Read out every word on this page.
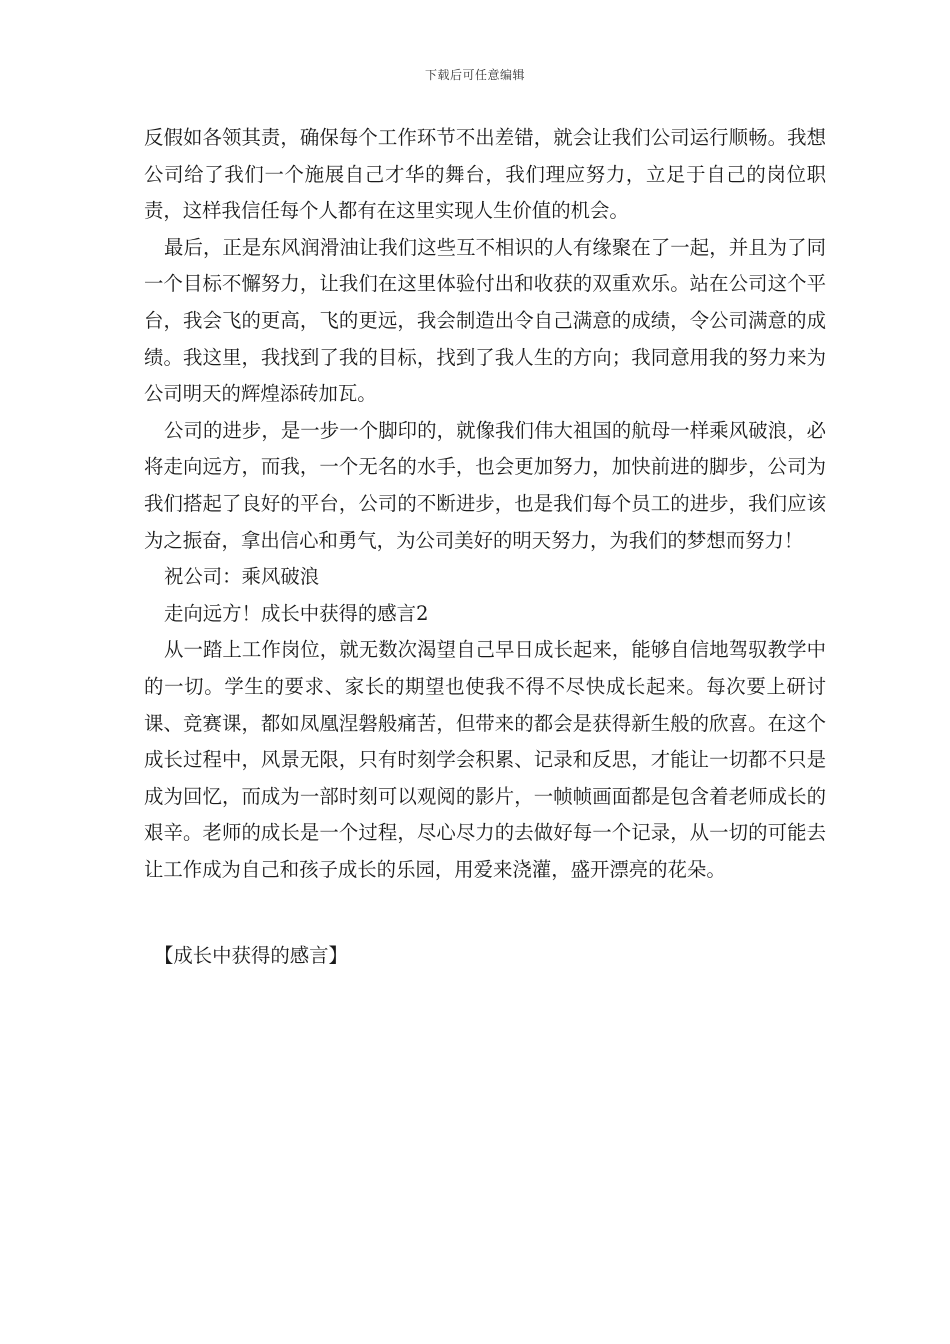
下载后可任意编辑

反假如各领其责，确保每个工作环节不出差错，就会让我们公司运行顺畅。我想公司给了我们一个施展自己才华的舞台，我们理应努力，立足于自己的岗位职责，这样我信任每个人都有在这里实现人生价值的机会。

最后，正是东风润滑油让我们这些互不相识的人有缘聚在了一起，并且为了同一个目标不懈努力，让我们在这里体验付出和收获的双重欢乐。站在公司这个平台，我会飞的更高，飞的更远，我会制造出令自己满意的成绩，令公司满意的成绩。我这里，我找到了我的目标，找到了我人生的方向；我同意用我的努力来为公司明天的辉煌添砖加瓦。

公司的进步，是一步一个脚印的，就像我们伟大祖国的航母一样乘风破浪，必将走向远方，而我，一个无名的水手，也会更加努力，加快前进的脚步，公司为我们搭起了良好的平台，公司的不断进步，也是我们每个员工的进步，我们应该为之振奋，拿出信心和勇气，为公司美好的明天努力，为我们的梦想而努力！

祝公司：乘风破浪

走向远方！成长中获得的感言2

从一踏上工作岗位，就无数次渴望自己早日成长起来，能够自信地驾驭教学中的一切。学生的要求、家长的期望也使我不得不尽快成长起来。每次要上研讨课、竞赛课，都如凤凰涅磐般痛苦，但带来的都会是获得新生般的欣喜。在这个成长过程中，风景无限，只有时刻学会积累、记录和反思，才能让一切都不只是成为回忆，而成为一部时刻可以观阅的影片，一帧帧画面都是包含着老师成长的艰辛。老师的成长是一个过程，尽心尽力的去做好每一个记录，从一切的可能去让工作成为自己和孩子成长的乐园，用爱来浇灌，盛开漂亮的花朵。

【成长中获得的感言】
